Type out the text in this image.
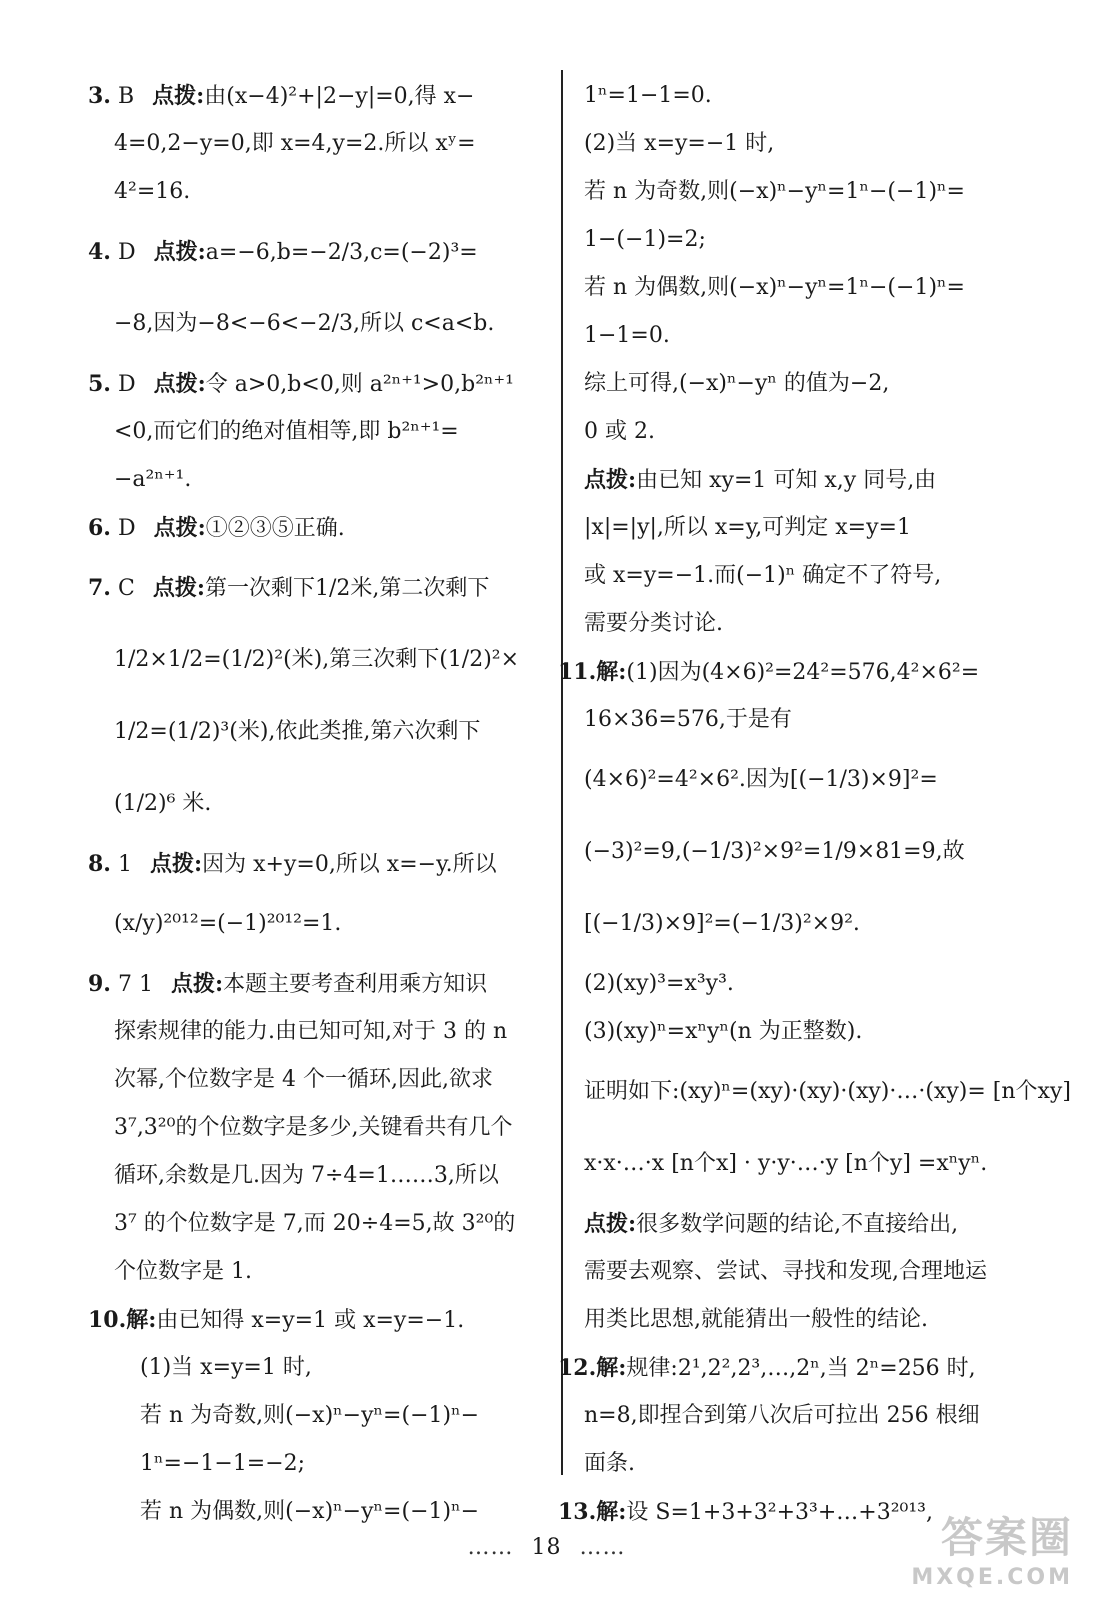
3. B 点拨:由(x−4)²+|2−y|=0,得 x−
4=0,2−y=0,即 x=4,y=2.所以 xʸ=
4²=16.
4. D 点拨:a=−6,b=−2/3,c=(−2)³=
−8,因为−8<−6<−2/3,所以 c<a<b.
5. D 点拨:令 a>0,b<0,则 a²ⁿ⁺¹>0,b²ⁿ⁺¹
<0,而它们的绝对值相等,即 b²ⁿ⁺¹=
−a²ⁿ⁺¹.
6. D 点拨:①②③⑤正确.
7. C 点拨:第一次剩下1/2米,第二次剩下
1/2×1/2=(1/2)²(米),第三次剩下(1/2)²×
1/2=(1/2)³(米),依此类推,第六次剩下
(1/2)⁶ 米.
8. 1 点拨:因为 x+y=0,所以 x=−y.所以
(x/y)²⁰¹²=(−1)²⁰¹²=1.
9. 7 1 点拨:本题主要考查利用乘方知识
探索规律的能力.由已知可知,对于 3 的 n
次幂,个位数字是 4 个一循环,因此,欲求
3⁷,3²⁰的个位数字是多少,关键看共有几个
循环,余数是几.因为 7÷4=1……3,所以
3⁷ 的个位数字是 7,而 20÷4=5,故 3²⁰的
个位数字是 1.
10.解:由已知得 x=y=1 或 x=y=−1.
(1)当 x=y=1 时,
若 n 为奇数,则(−x)ⁿ−yⁿ=(−1)ⁿ−
1ⁿ=−1−1=−2;
若 n 为偶数,则(−x)ⁿ−yⁿ=(−1)ⁿ−
1ⁿ=1−1=0.
(2)当 x=y=−1 时,
若 n 为奇数,则(−x)ⁿ−yⁿ=1ⁿ−(−1)ⁿ=
1−(−1)=2;
若 n 为偶数,则(−x)ⁿ−yⁿ=1ⁿ−(−1)ⁿ=
1−1=0.
综上可得,(−x)ⁿ−yⁿ 的值为−2,
0 或 2.
点拨:由已知 xy=1 可知 x,y 同号,由
|x|=|y|,所以 x=y,可判定 x=y=1
或 x=y=−1.而(−1)ⁿ 确定不了符号,
需要分类讨论.
11.解:(1)因为(4×6)²=24²=576,4²×6²=
16×36=576,于是有
(4×6)²=4²×6².因为[(−1/3)×9]²=
(−3)²=9,(−1/3)²×9²=1/9×81=9,故
[(−1/3)×9]²=(−1/3)²×9².
(2)(xy)³=x³y³.
(3)(xy)ⁿ=xⁿyⁿ(n 为正整数).
证明如下:(xy)ⁿ=(xy)·(xy)·(xy)·…·(xy)= [n个xy]
x·x·…·x [n个x] · y·y·…·y [n个y] =xⁿyⁿ.
点拨:很多数学问题的结论,不直接给出,
需要去观察、尝试、寻找和发现,合理地运
用类比思想,就能猜出一般性的结论.
12.解:规律:2¹,2²,2³,…,2ⁿ,当 2ⁿ=256 时,
n=8,即捏合到第八次后可拉出 256 根细
面条.
13.解:设 S=1+3+3²+3³+…+3²⁰¹³,
…… 18 ……	答案圈
MXQE.COM
